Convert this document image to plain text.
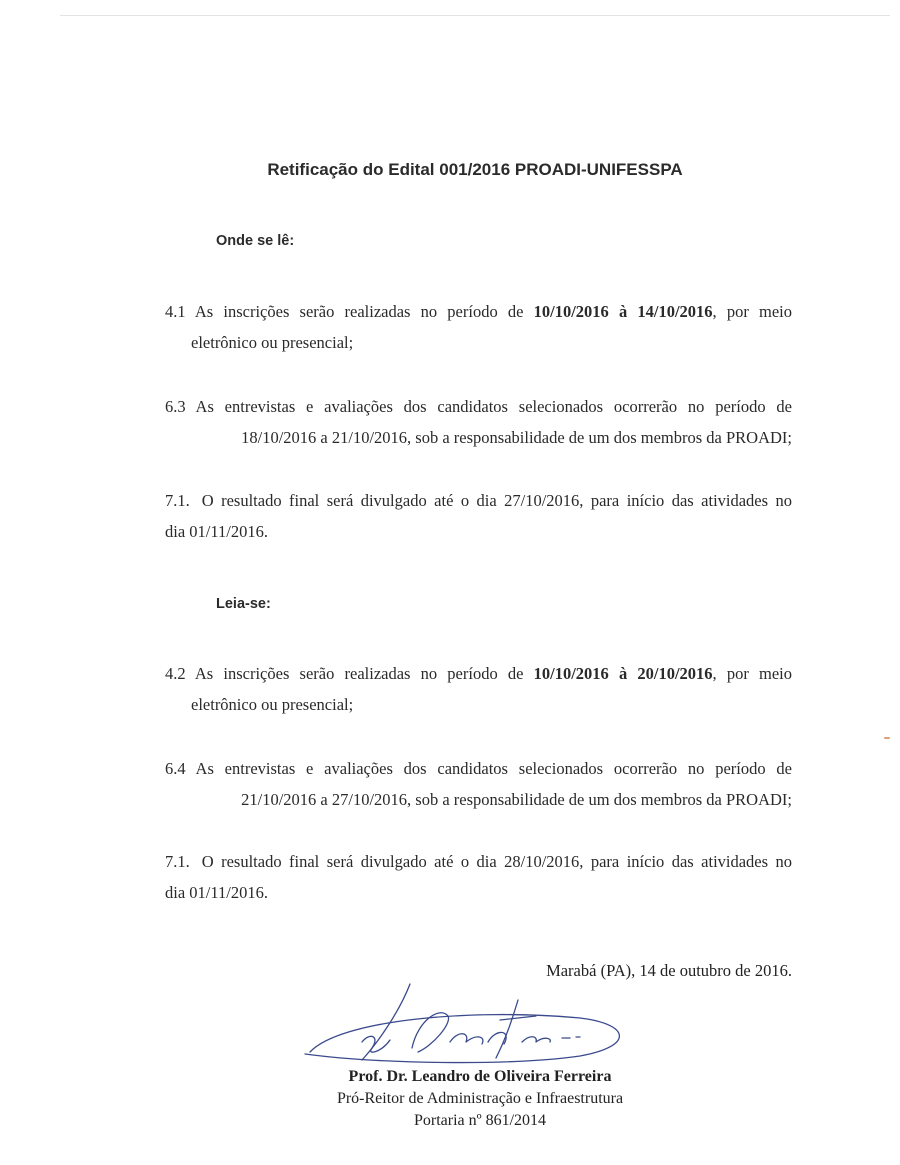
Retificação do Edital 001/2016 PROADI-UNIFESSPA
Onde se lê:
4.1 As inscrições serão realizadas no período de 10/10/2016 à 14/10/2016, por meio
eletrônico ou presencial;
6.3 As entrevistas e avaliações dos candidatos selecionados ocorrerão no período de
18/10/2016 a 21/10/2016, sob a responsabilidade de um dos membros da PROADI;
7.1. O resultado final será divulgado até o dia 27/10/2016, para início das atividades no
dia 01/11/2016.
Leia-se:
4.2 As inscrições serão realizadas no período de 10/10/2016 à 20/10/2016, por meio
eletrônico ou presencial;
6.4 As entrevistas e avaliações dos candidatos selecionados ocorrerão no período de
21/10/2016 a 27/10/2016, sob a responsabilidade de um dos membros da PROADI;
7.1. O resultado final será divulgado até o dia 28/10/2016, para início das atividades no
dia 01/11/2016.
Marabá (PA), 14 de outubro de 2016.
Prof. Dr. Leandro de Oliveira Ferreira
Pró-Reitor de Administração e Infraestrutura
Portaria nº 861/2014
